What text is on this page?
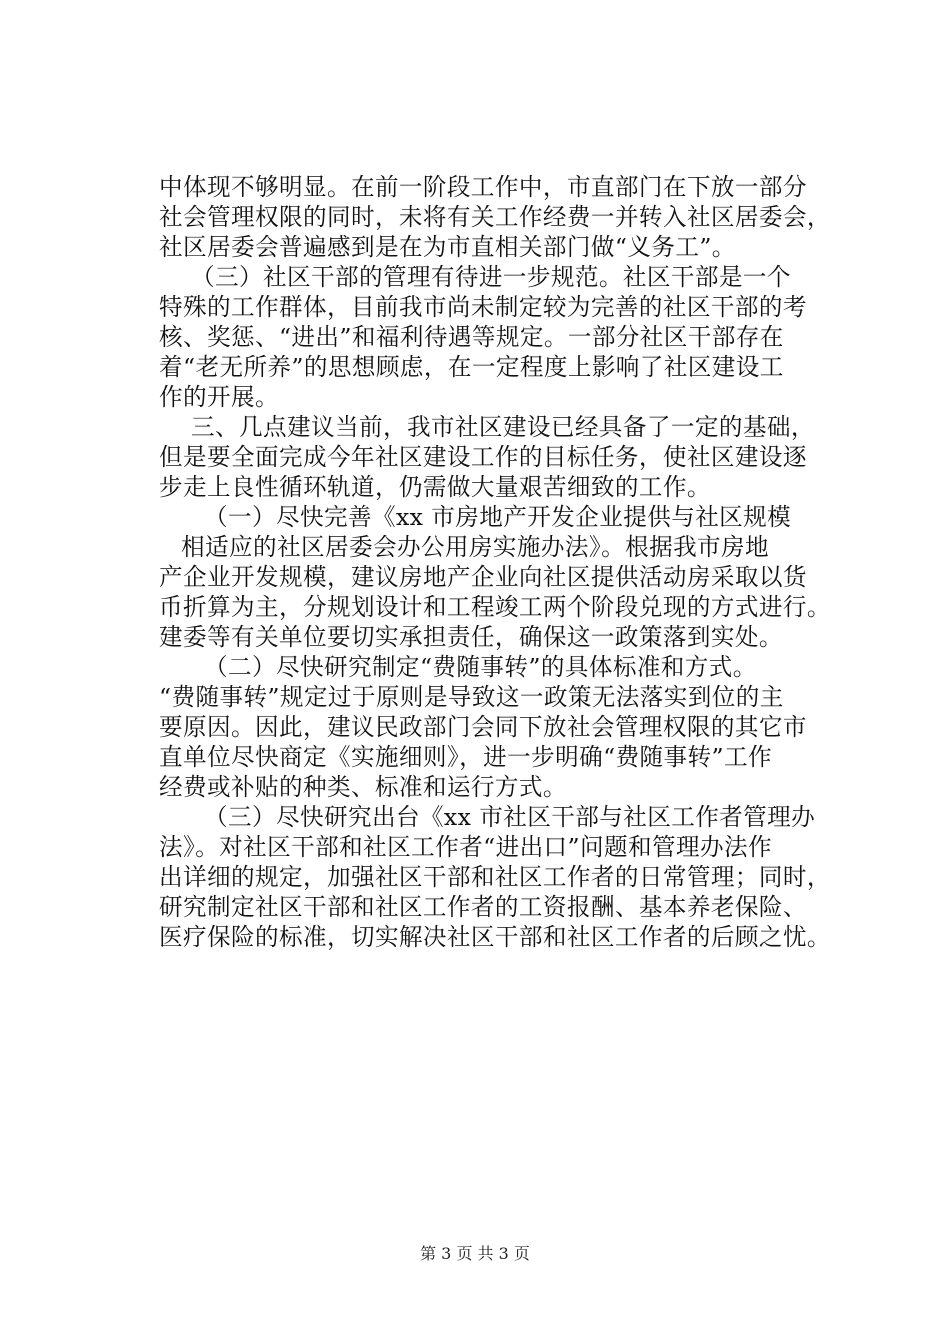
中体现不够明显。在前一阶段工作中，市直部门在下放一部分
社会管理权限的同时，未将有关工作经费一并转入社区居委会，
社区居委会普遍感到是在为市直相关部门做“义务工”。
（三）社区干部的管理有待进一步规范。社区干部是一个
特殊的工作群体，目前我市尚未制定较为完善的社区干部的考
核、奖惩、“进出”和福利待遇等规定。一部分社区干部存在
着“老无所养”的思想顾虑，在一定程度上影响了社区建设工
作的开展。
三、几点建议当前，我市社区建设已经具备了一定的基础，
但是要全面完成今年社区建设工作的目标任务，使社区建设逐
步走上良性循环轨道，仍需做大量艰苦细致的工作。
（一）尽快完善《xx 市房地产开发企业提供与社区规模
相适应的社区居委会办公用房实施办法》。根据我市房地
产企业开发规模，建议房地产企业向社区提供活动房采取以货
币折算为主，分规划设计和工程竣工两个阶段兑现的方式进行。
建委等有关单位要切实承担责任，确保这一政策落到实处。
（二）尽快研究制定“费随事转”的具体标准和方式。
“费随事转”规定过于原则是导致这一政策无法落实到位的主
要原因。因此，建议民政部门会同下放社会管理权限的其它市
直单位尽快商定《实施细则》，进一步明确“费随事转”工作
经费或补贴的种类、标准和运行方式。
（三）尽快研究出台《xx 市社区干部与社区工作者管理办
法》。对社区干部和社区工作者“进出口”问题和管理办法作
出详细的规定，加强社区干部和社区工作者的日常管理；同时，
研究制定社区干部和社区工作者的工资报酬、基本养老保险、
医疗保险的标准，切实解决社区干部和社区工作者的后顾之忧。
第 3 页 共 3 页
